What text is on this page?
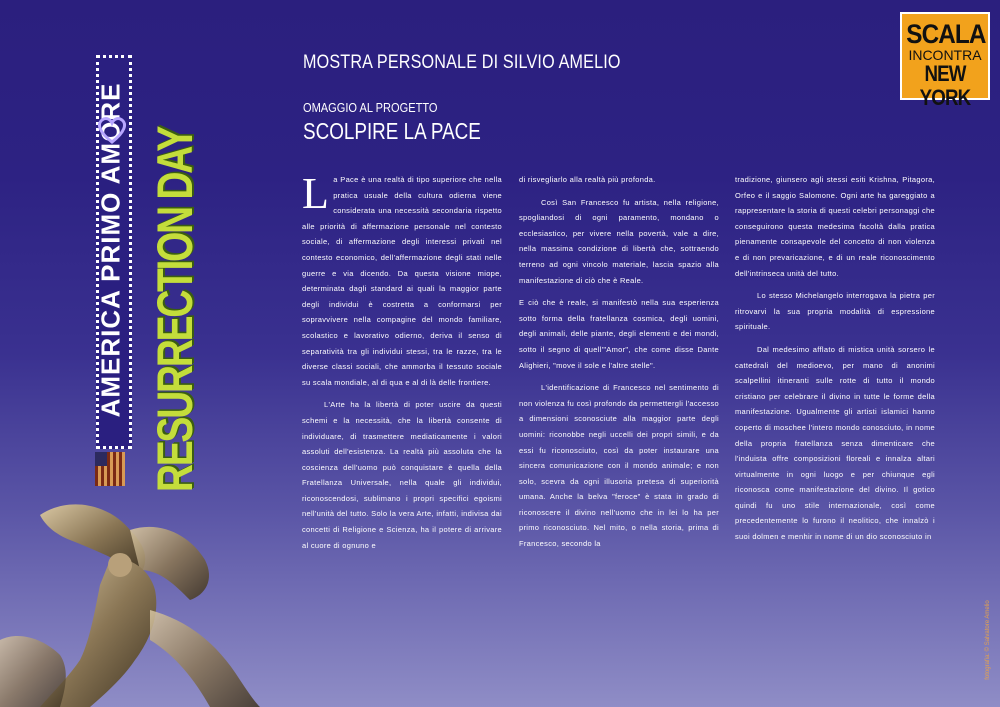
AMERICA PRIMO AMORE RESURRECTION DAY
SCALA
INCONTRA
NEW YORK
MOSTRA PERSONALE DI SILVIO AMELIO
OMAGGIO AL PROGETTO
SCOLPIRE LA PACE

La Pace è una realtà di tipo superiore che nella pratica usuale della cultura odierna viene considerata una necessità secondaria rispetto alle priorità di affermazione personale nel contesto sociale, di affermazione degli interessi privati nel contesto economico, dell'affermazione degli stati nelle guerre e via dicendo. Da questa visione miope, determinata dagli standard ai quali la maggior parte degli individui è costretta a conformarsi per sopravvivere nella compagine del mondo familiare, scolastico e lavorativo odierno, deriva il senso di separatività tra gli individui stessi, tra le razze, tra le diverse classi sociali, che ammorba il tessuto sociale su scala mondiale, al di qua e al di là delle frontiere.

L'Arte ha la libertà di poter uscire da questi schemi e la necessità, che la libertà consente di individuare, di trasmettere mediaticamente i valori assoluti dell'esistenza. La realtà più assoluta che la coscienza dell'uomo può conquistare è quella della Fratellanza Universale, nella quale gli individui, riconoscendosi, sublimano i propri specifici egoismi nell'unità del tutto. Solo la vera Arte, infatti, indivisa dai concetti di Religione e Scienza, ha il potere di arrivare al cuore di ognuno e

di risvegliarlo alla realtà più profonda.

Così San Francesco fu artista, nella religione, spogliandosi di ogni paramento, mondano o ecclesiastico, per vivere nella povertà, vale a dire, nella massima condizione di libertà che, sottraendo terreno ad ogni vincolo materiale, lascia spazio alla manifestazione di ciò che è Reale.

E ciò che è reale, si manifestò nella sua esperienza sotto forma della fratellanza cosmica, degli uomini, degli animali, delle piante, degli elementi e dei mondi, sotto il segno di quell'"Amor", che come disse Dante Alighieri, "move il sole e l'altre stelle".

L'identificazione di Francesco nel sentimento di non violenza fu così profondo da permettergli l'accesso a dimensioni sconosciute alla maggior parte degli uomini: riconobbe negli uccelli dei propri simili, e da essi fu riconosciuto, così da poter instaurare una sincera comunicazione con il mondo animale; e non solo, scevra da ogni illusoria pretesa di superiorità umana. Anche la belva "feroce" è stata in grado di riconoscere il divino nell'uomo che in lei lo ha per primo riconosciuto. Nel mito, o nella storia, prima di Francesco, secondo la

tradizione, giunsero agli stessi esiti Krishna, Pitagora, Orfeo e il saggio Salomone. Ogni arte ha gareggiato a rappresentare la storia di questi celebri personaggi che conseguirono questa medesima facoltà dalla pratica pienamente consapevole del concetto di non violenza e di non prevaricazione, e di un reale riconoscimento dell'intrinseca unità del tutto.

Lo stesso Michelangelo interrogava la pietra per ritrovarvi la sua propria modalità di espressione spirituale.

Dal medesimo afflato di mistica unità sorsero le cattedrali del medioevo, per mano di anonimi scalpellini itineranti sulle rotte di tutto il mondo cristiano per celebrare il divino in tutte le forme della manifestazione. Ugualmente gli artisti islamici hanno coperto di moschee l'intero mondo conosciuto, in nome della propria fratellanza senza dimenticare che l'induista offre composizioni floreali e innalza altari virtualmente in ogni luogo e per chiunque egli riconosca come manifestazione del divino. Il gotico quindi fu uno stile internazionale, così come precedentemente lo furono il neolitico, che innalzò i suoi dolmen e menhir in nome di un dio sconosciuto in

fotografia: © Salvatore Amelio
